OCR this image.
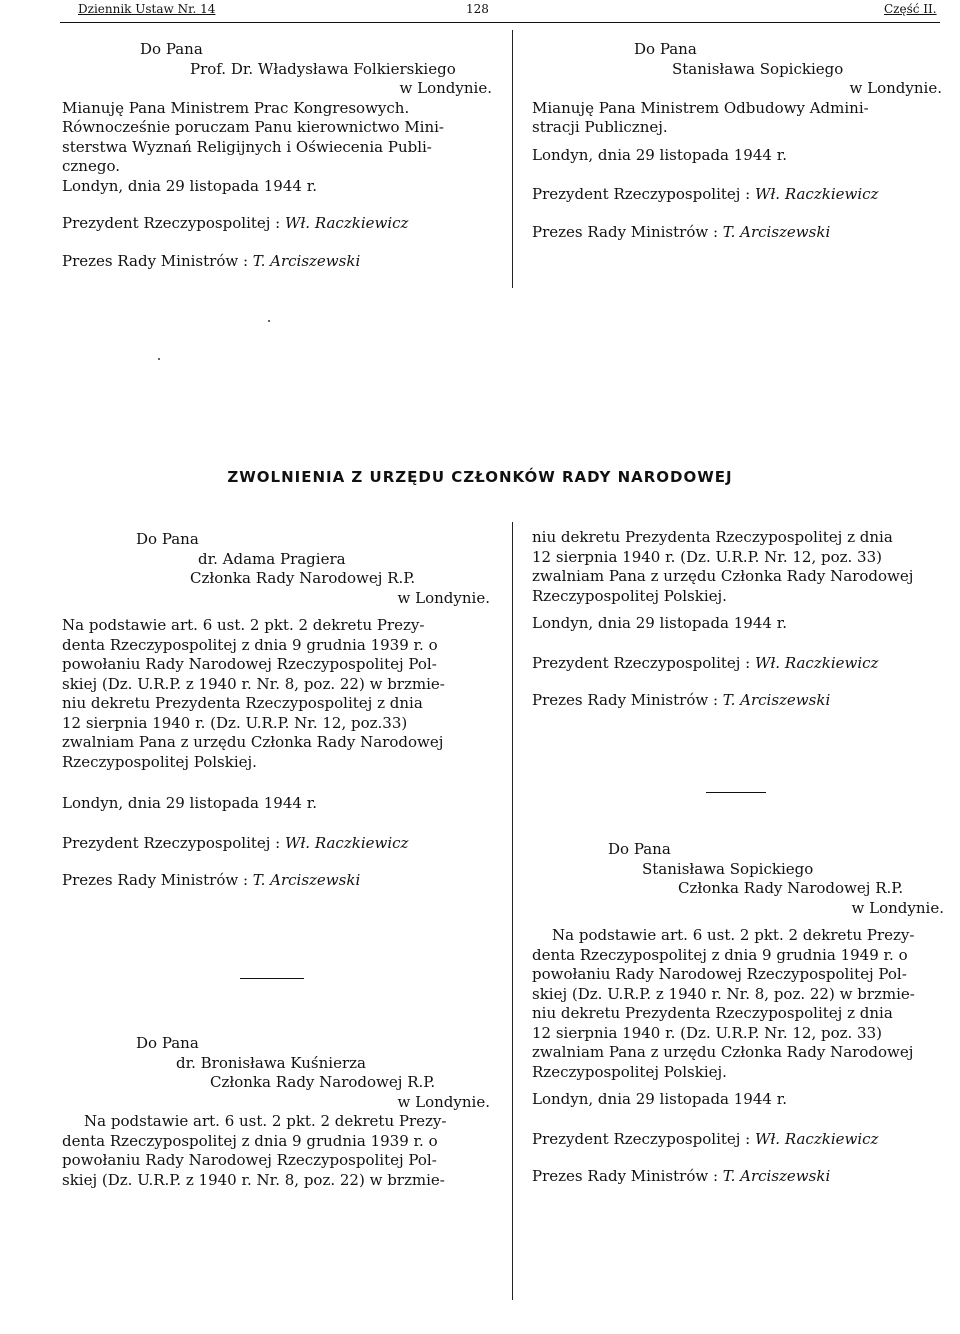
Dziennik Ustaw Nr. 14	128	Część II.

Do Pana

Prof. Dr. Władysława Folkierskiego

w Londynie.

Mianuję Pana Ministrem Prac Kongresowych.

Równocześnie poruczam Panu kierownictwo Mini-

sterstwa Wyznań Religijnych i Oświecenia Publi-

cznego.

Londyn, dnia 29 listopada 1944 r.

Prezydent Rzeczypospolitej : Wł. Raczkiewicz

Prezes Rady Ministrów : T. Arciszewski

Do Pana

Stanisława Sopickiego

w Londynie.

Mianuję Pana Ministrem Odbudowy Admini-

stracji Publicznej.

Londyn, dnia 29 listopada 1944 r.

Prezydent Rzeczypospolitej : Wł. Raczkiewicz

Prezes Rady Ministrów : T. Arciszewski

ZWOLNIENIA Z URZĘDU CZŁONKÓW RADY NARODOWEJ

Do Pana

dr. Adama Pragiera

Członka Rady Narodowej R.P.

w Londynie.

Na podstawie art. 6 ust. 2 pkt. 2 dekretu Prezy-

denta Rzeczypospolitej z dnia 9 grudnia 1939 r. o

powołaniu Rady Narodowej Rzeczypospolitej Pol-

skiej (Dz. U.R.P. z 1940 r. Nr. 8, poz. 22) w brzmie-

niu dekretu Prezydenta Rzeczypospolitej z dnia

12 sierpnia 1940 r. (Dz. U.R.P. Nr. 12, poz.33)

zwalniam Pana z urzędu Członka Rady Narodowej

Rzeczypospolitej Polskiej.

Londyn, dnia 29 listopada 1944 r.

Prezydent Rzeczypospolitej : Wł. Raczkiewicz

Prezes Rady Ministrów : T. Arciszewski

Do Pana

dr. Bronisława Kuśnierza

Członka Rady Narodowej R.P.

w Londynie.

Na podstawie art. 6 ust. 2 pkt. 2 dekretu Prezy-

denta Rzeczypospolitej z dnia 9 grudnia 1939 r. o

powołaniu Rady Narodowej Rzeczypospolitej Pol-

skiej (Dz. U.R.P. z 1940 r. Nr. 8, poz. 22) w brzmie-

niu dekretu Prezydenta Rzeczypospolitej z dnia

12 sierpnia 1940 r. (Dz. U.R.P. Nr. 12, poz. 33)

zwalniam Pana z urzędu Członka Rady Narodowej

Rzeczypospolitej Polskiej.

Londyn, dnia 29 listopada 1944 r.

Prezydent Rzeczypospolitej : Wł. Raczkiewicz

Prezes Rady Ministrów : T. Arciszewski

Do Pana

Stanisława Sopickiego

Członka Rady Narodowej R.P.

w Londynie.

Na podstawie art. 6 ust. 2 pkt. 2 dekretu Prezy-

denta Rzeczypospolitej z dnia 9 grudnia 1949 r. o

powołaniu Rady Narodowej Rzeczypospolitej Pol-

skiej (Dz. U.R.P. z 1940 r. Nr. 8, poz. 22) w brzmie-

niu dekretu Prezydenta Rzeczypospolitej z dnia

12 sierpnia 1940 r. (Dz. U.R.P. Nr. 12, poz. 33)

zwalniam Pana z urzędu Członka Rady Narodowej

Rzeczypospolitej Polskiej.

Londyn, dnia 29 listopada 1944 r.

Prezydent Rzeczypospolitej : Wł. Raczkiewicz

Prezes Rady Ministrów : T. Arciszewski
